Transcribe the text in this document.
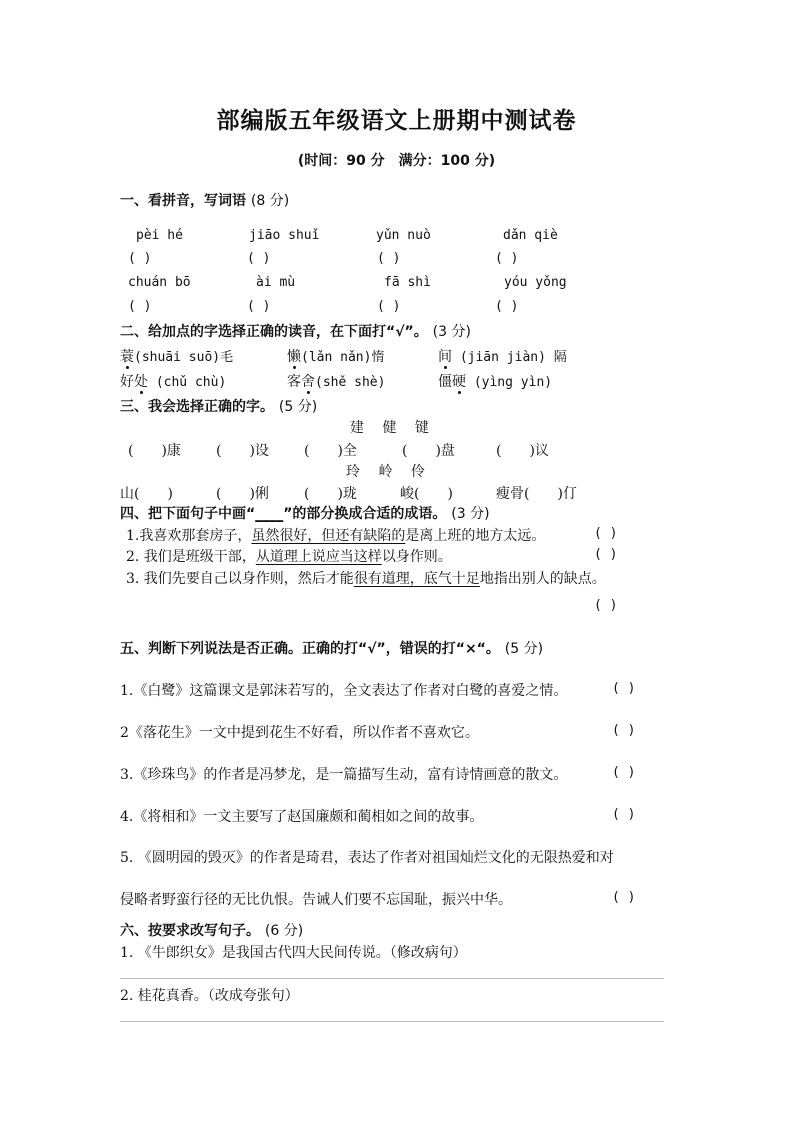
部编版五年级语文上册期中测试卷
(时间：90 分　满分：100 分)
一、看拼音，写词语 (8 分)
pèi hé	jiāo shuǐ	yǔn nuò	dǎn qiè
( )	( )	( )	( )
chuán bō	ài mù	fā shì	yóu yǒng
( )	( )	( )	( )
二、给加点的字选择正确的读音，在下面打“√”。 (3 分)
蓑(shuāi suō)毛	懒(lǎn nǎn)惰	间 (jiān jiàn) 隔
好处 (chǔ chù)	客舍(shě shè)	僵硬 (yìng yìn)
三、我会选择正确的字。 (5 分)
建　 健　 键
(　　)康	(　　)设	(　　)全	(　　)盘	(　　)议
玲　 岭　 伶
山(　　)	(　　)俐	(　　)珑	峻(　　)	瘦骨(　　)仃
四、把下面句子中画“____”的部分换成合适的成语。 (3 分)
1.我喜欢那套房子，虽然很好，但还有缺陷的是离上班的地方太远。	( )
2. 我们是班级干部，从道理上说应当这样以身作则。	( )
3. 我们先要自己以身作则，然后才能很有道理，底气十足地指出别人的缺点。
( )
五、判断下列说法是否正确。正确的打“√”，错误的打“×“。 (5 分)
1.《白鹭》这篇课文是郭沫若写的，全文表达了作者对白鹭的喜爱之情。	( )
2《落花生》一文中提到花生不好看，所以作者不喜欢它。	( )
3.《珍珠鸟》的作者是冯梦龙，是一篇描写生动，富有诗情画意的散文。	( )
4.《将相和》一文主要写了赵国廉颇和蔺相如之间的故事。	( )
5. 《圆明园的毁灭》的作者是琦君，表达了作者对祖国灿烂文化的无限热爱和对
侵略者野蛮行径的无比仇恨。告诫人们要不忘国耻，振兴中华。	( )
六、按要求改写句子。 (6 分)
1. 《牛郎织女》是我国古代四大民间传说。（修改病句）
2. 桂花真香。（改成夸张句）
